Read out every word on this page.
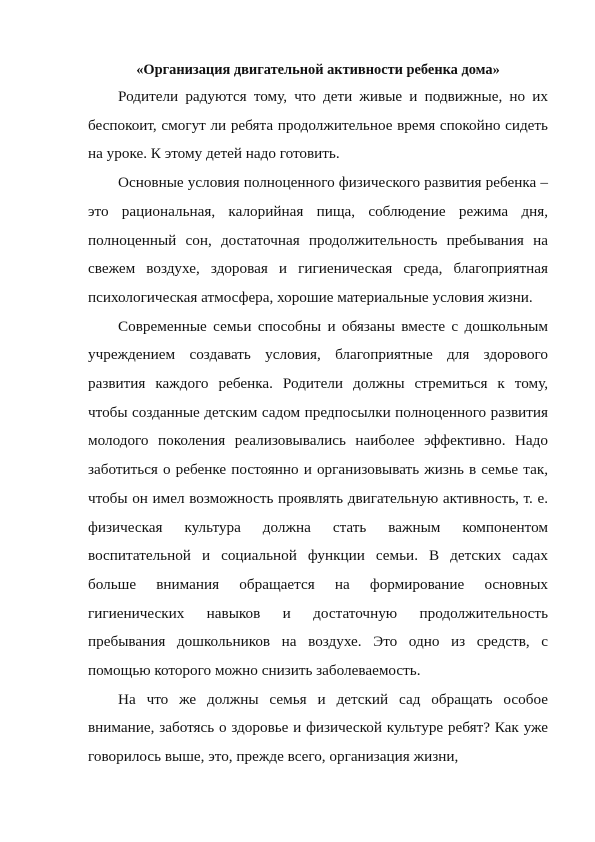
«Организация двигательной активности ребенка дома»

Родители радуются тому, что дети живые и подвижные, но их беспокоит, смогут ли ребята продолжительное время спокойно сидеть на уроке. К этому детей надо готовить.

Основные условия полноценного физического развития ребенка – это рациональная, калорийная пища, соблюдение режима дня, полноценный сон, достаточная продолжительность пребывания на свежем воздухе, здоровая и гигиеническая среда, благоприятная психологическая атмосфера, хорошие материальные условия жизни.

Современные семьи способны и обязаны вместе с дошкольным учреждением создавать условия, благоприятные для здорового развития каждого ребенка. Родители должны стремиться к тому, чтобы созданные детским садом предпосылки полноценного развития молодого поколения реализовывались наиболее эффективно. Надо заботиться о ребенке постоянно и организовывать жизнь в семье так, чтобы он имел возможность проявлять двигательную активность, т. е. физическая культура должна стать важным компонентом воспитательной и социальной функции семьи. В детских садах больше внимания обращается на формирование основных гигиенических навыков и достаточную продолжительность пребывания дошкольников на воздухе. Это одно из средств, с помощью которого можно снизить заболеваемость.

На что же должны семья и детский сад обращать особое внимание, заботясь о здоровье и физической культуре ребят? Как уже говорилось выше, это, прежде всего, организация жизни,
